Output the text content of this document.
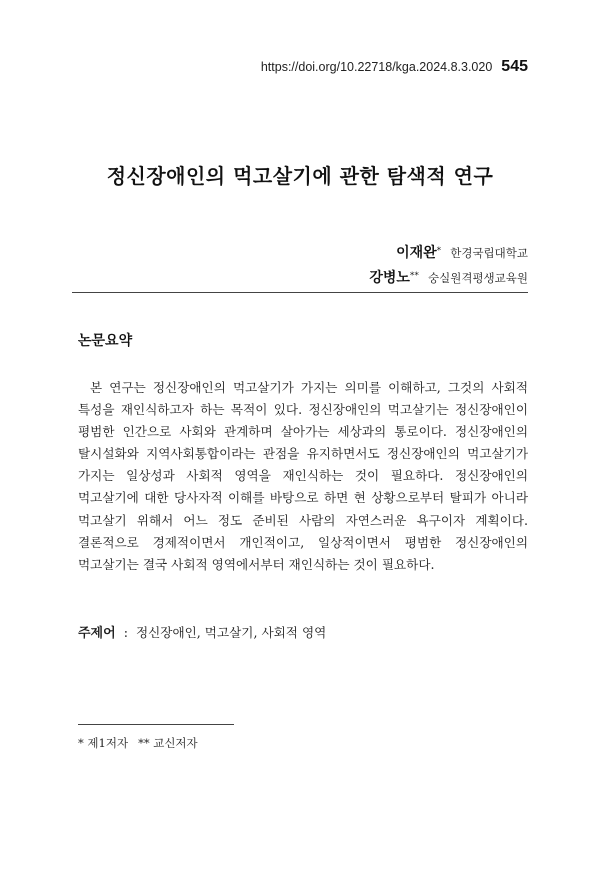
https://doi.org/10.22718/kga.2024.8.3.020 545
정신장애인의 먹고살기에 관한 탐색적 연구
이재완* 한경국립대학교
강병노** 숭실원격평생교육원
논문요약

본 연구는 정신장애인의 먹고살기가 가지는 의미를 이해하고, 그것의 사회적 특성을 재인식하고자 하는 목적이 있다. 정신장애인의 먹고살기는 정신장애인이 평범한 인간으로 사회와 관계하며 살아가는 세상과의 통로이다. 정신장애인의 탈시설화와 지역사회통합이라는 관점을 유지하면서도 정신장애인의 먹고살기가 가지는 일상성과 사회적 영역을 재인식하는 것이 필요하다. 정신장애인의 먹고살기에 대한 당사자적 이해를 바탕으로 하면 현 상황으로부터 탈피가 아니라 먹고살기 위해서 어느 정도 준비된 사람의 자연스러운 욕구이자 계획이다. 결론적으로 경제적이면서 개인적이고, 일상적이면서 평범한 정신장애인의 먹고살기는 결국 사회적 영역에서부터 재인식하는 것이 필요하다.

주제어 : 정신장애인, 먹고살기, 사회적 영역
* 제1저자 ** 교신저자
